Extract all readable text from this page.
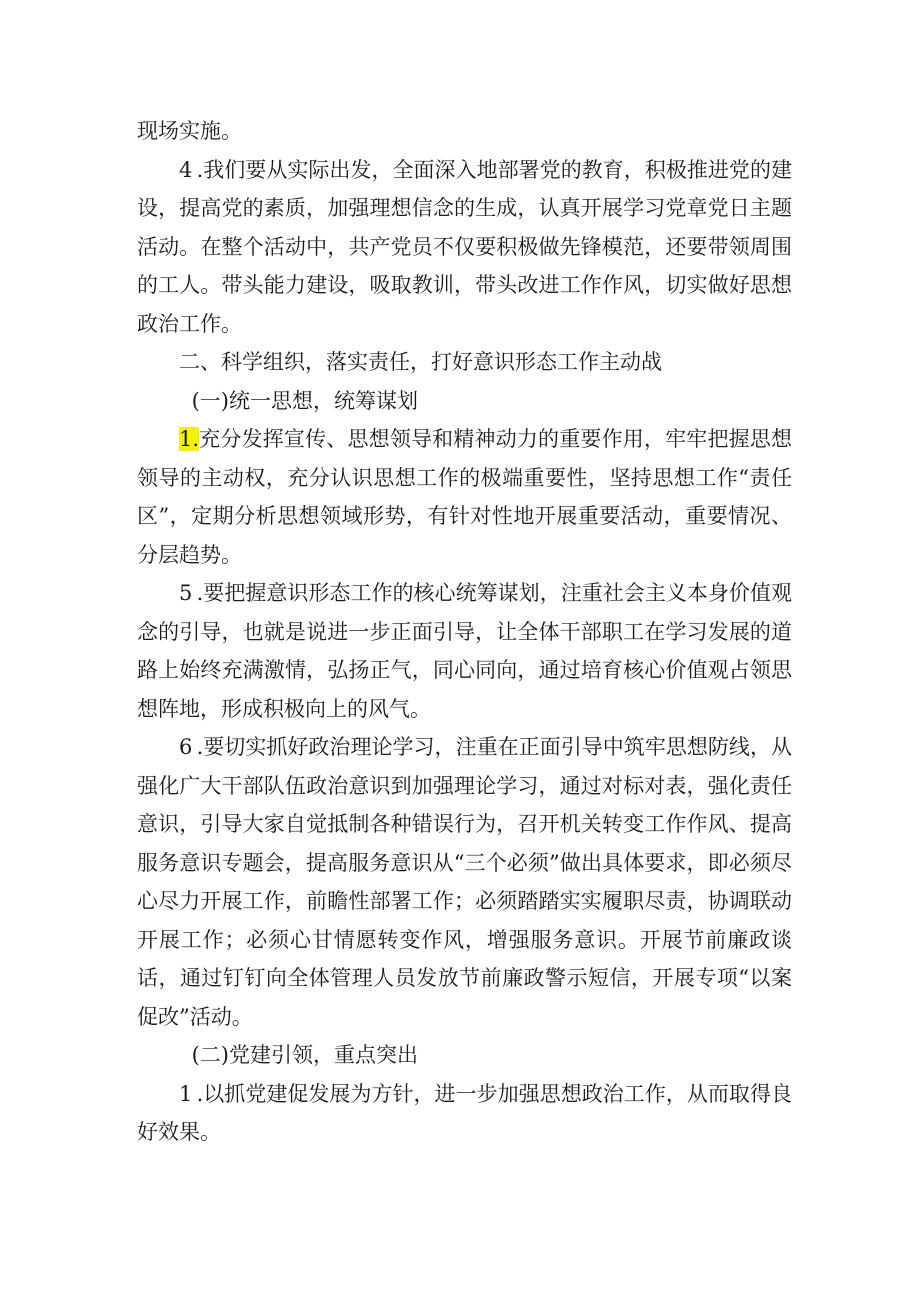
现场实施。

4.我们要从实际出发，全面深入地部署党的教育，积极推进党的建设，提高党的素质，加强理想信念的生成，认真开展学习党章党日主题活动。在整个活动中，共产党员不仅要积极做先锋模范，还要带领周围的工人。带头能力建设，吸取教训，带头改进工作作风，切实做好思想政治工作。

二、科学组织，落实责任，打好意识形态工作主动战

(一)统一思想，统筹谋划

1.充分发挥宣传、思想领导和精神动力的重要作用，牢牢把握思想领导的主动权，充分认识思想工作的极端重要性，坚持思想工作“责任区”，定期分析思想领域形势，有针对性地开展重要活动，重要情况、分层趋势。

5.要把握意识形态工作的核心统筹谋划，注重社会主义本身价值观念的引导，也就是说进一步正面引导，让全体干部职工在学习发展的道路上始终充满激情，弘扬正气，同心同向，通过培育核心价值观占领思想阵地，形成积极向上的风气。

6.要切实抓好政治理论学习，注重在正面引导中筑牢思想防线，从强化广大干部队伍政治意识到加强理论学习，通过对标对表，强化责任意识，引导大家自觉抵制各种错误行为，召开机关转变工作作风、提高服务意识专题会，提高服务意识从“三个必须”做出具体要求，即必须尽心尽力开展工作，前瞻性部署工作；必须踏踏实实履职尽责，协调联动开展工作；必须心甘情愿转变作风，增强服务意识。开展节前廉政谈话，通过钉钉向全体管理人员发放节前廉政警示短信，开展专项“以案促改”活动。

(二)党建引领，重点突出

1.以抓党建促发展为方针，进一步加强思想政治工作，从而取得良好效果。
